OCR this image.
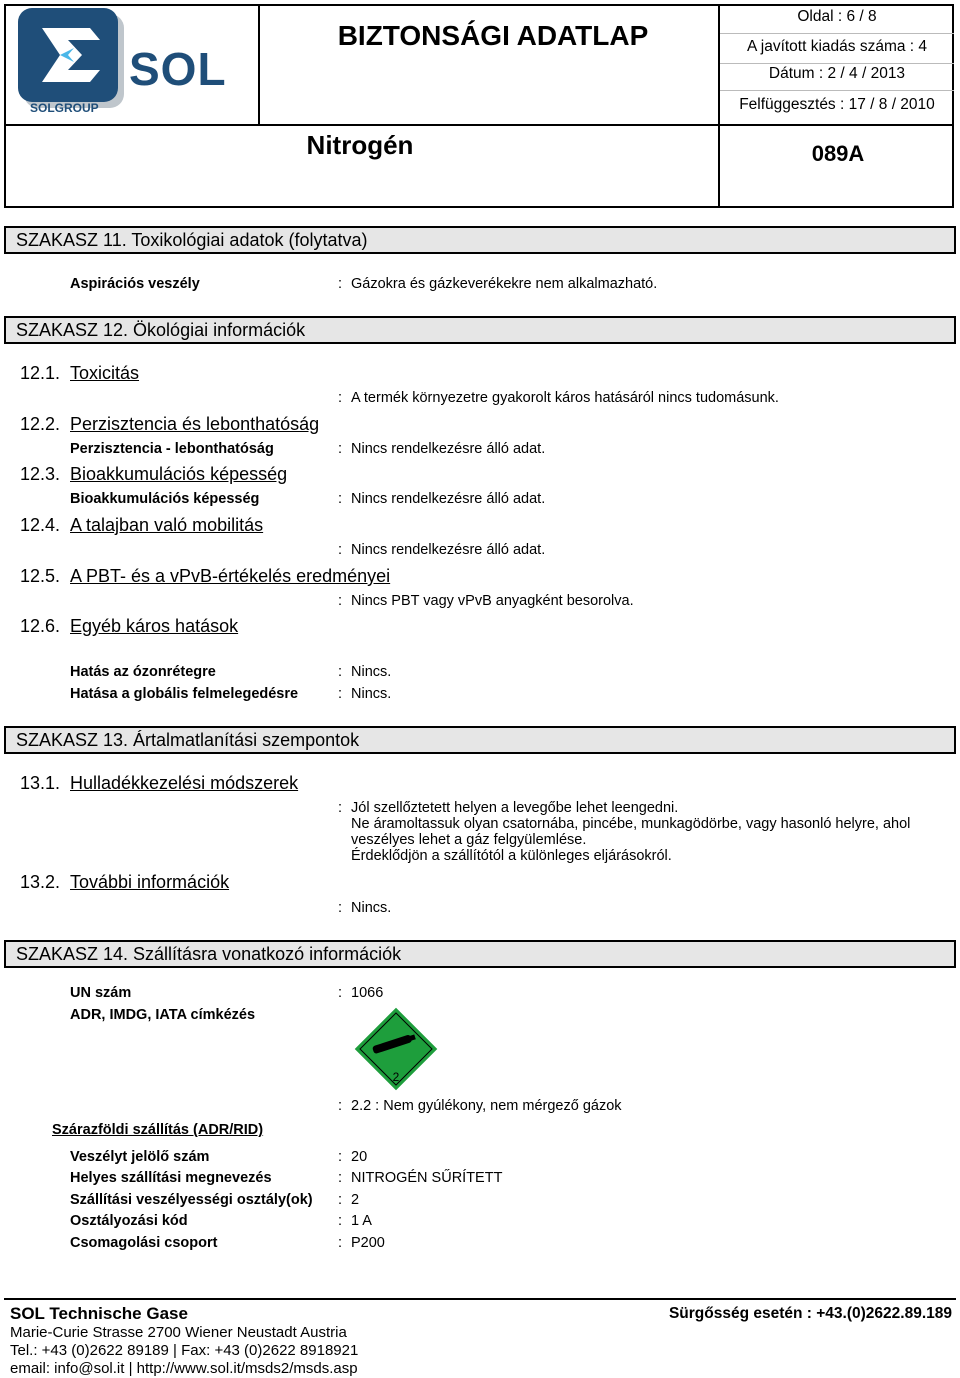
SOL
SOLGROUP
BIZTONSÁGI ADATLAP
Oldal : 6 / 8
A javított kiadás száma : 4
Dátum : 2 / 4 / 2013
Felfüggesztés : 17 / 8 / 2010
Nitrogén	089A
SZAKASZ 11. Toxikológiai adatok (folytatva)
Aspirációs veszély	: Gázokra és gázkeverékekre nem alkalmazható.
SZAKASZ 12. Ökológiai információk
12.1. Toxicitás
: A termék környezetre gyakorolt káros hatásáról nincs tudomásunk.
12.2. Perzisztencia és lebonthatóság
Perzisztencia - lebonthatóság	: Nincs rendelkezésre álló adat.
12.3. Bioakkumulációs képesség
Bioakkumulációs képesség	: Nincs rendelkezésre álló adat.
12.4. A talajban való mobilitás
: Nincs rendelkezésre álló adat.
12.5. A PBT- és a vPvB-értékelés eredményei
: Nincs PBT vagy vPvB anyagként besorolva.
12.6. Egyéb káros hatások
Hatás az ózonrétegre	: Nincs.
Hatása a globális felmelegedésre	: Nincs.
SZAKASZ 13. Ártalmatlanítási szempontok
13.1. Hulladékkezelési módszerek
: Jól szellőztetett helyen a levegőbe lehet leengedni.
Ne áramoltassuk olyan csatornába, pincébe, munkagödörbe, vagy hasonló helyre, ahol
veszélyes lehet a gáz felgyülemlése.
Érdeklődjön a szállítótól a különleges eljárásokról.
13.2. További információk
: Nincs.
SZAKASZ 14. Szállításra vonatkozó információk
UN szám	: 1066
ADR, IMDG, IATA címkézés
2
: 2.2 : Nem gyúlékony, nem mérgező gázok
Szárazföldi szállítás (ADR/RID)
Veszélyt jelölő szám	: 20
Helyes szállítási megnevezés	: NITROGÉN SŰRÍTETT
Szállítási veszélyességi osztály(ok) : 2
Osztályozási kód	: 1 A
Csomagolási csoport	: P200
SOL Technische Gase	Sürgősség esetén : +43.(0)2622.89.189
Marie-Curie Strasse 2700 Wiener Neustadt Austria
Tel.: +43 (0)2622 89189 | Fax: +43 (0)2622 8918921
email: info@sol.it | http://www.sol.it/msds2/msds.asp
